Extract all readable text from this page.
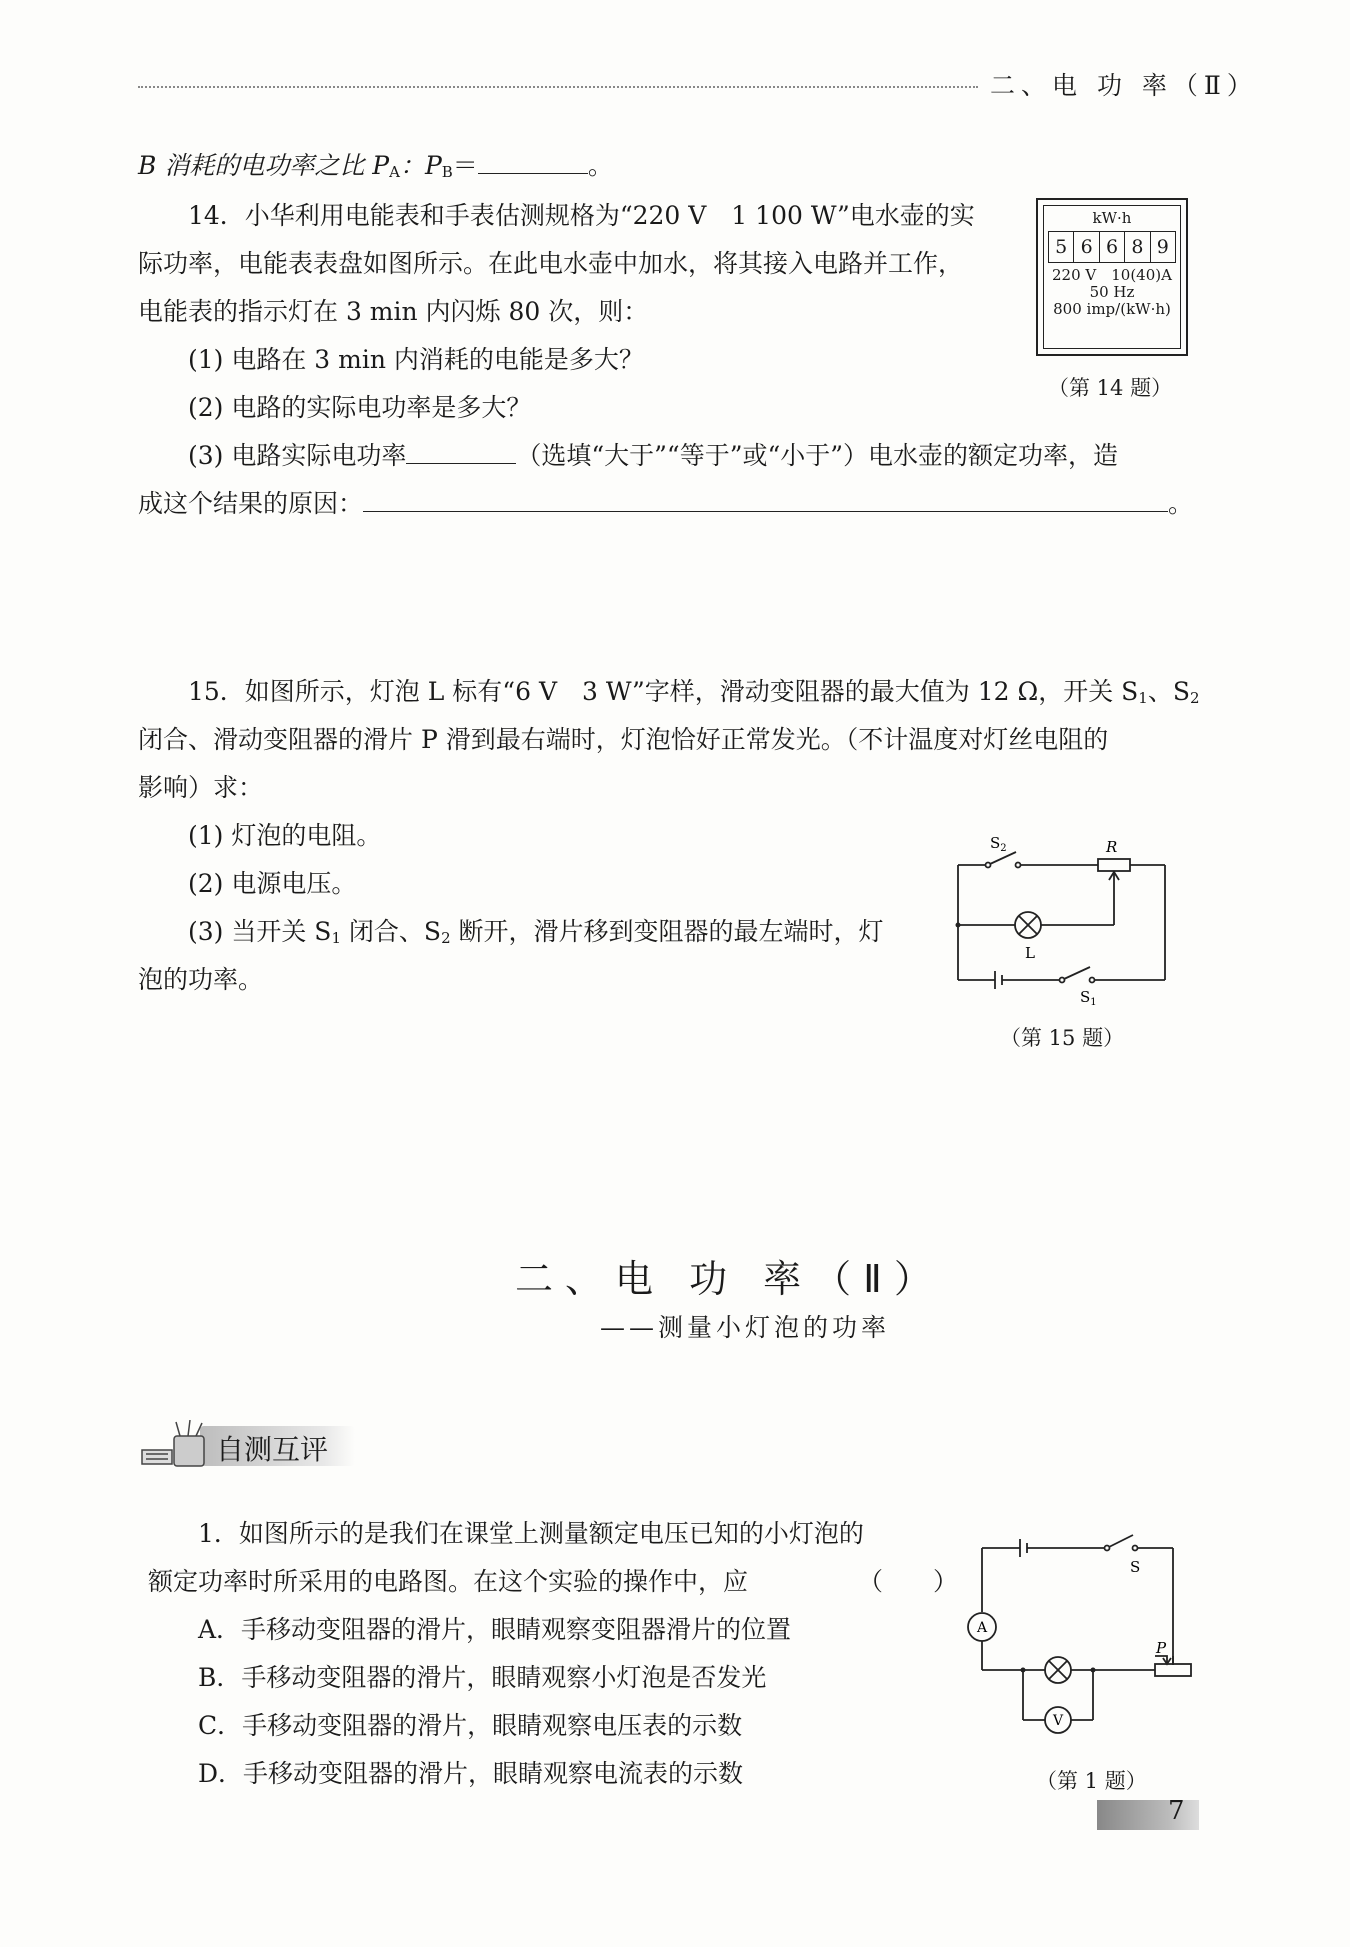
二、电 功 率（Ⅱ）
B 消耗的电功率之比 $P_A$：$P_B=$	。
14．小华利用电能表和手表估测规格为“220 V　1 100 W”电水壶的实
际功率，电能表表盘如图所示。在此电水壶中加水，将其接入电路并工作，
电能表的指示灯在 3 min 内闪烁 80 次，则：
(1) 电路在 3 min 内消耗的电能是多大？
(2) 电路的实际电功率是多大？
(3) 电路实际电功率	（选填“大于”“等于”或“小于”）电水壶的额定功率，造
成这个结果的原因：	。
kW·h
5 6 6 8 9
220 V　10(40)A
50 Hz
800 imp/(kW·h)
（第 14 题）
15．如图所示，灯泡 L 标有“6 V　3 W”字样，滑动变阻器的最大值为 12 Ω，开关 $S_1$、$S_2$
闭合、滑动变阻器的滑片 P 滑到最右端时，灯泡恰好正常发光。（不计温度对灯丝电阻的
影响）求：
(1) 灯泡的电阻。
(2) 电源电压。
(3) 当开关 $S_1$ 闭合、$S_2$ 断开，滑片移到变阻器的最左端时，灯
泡的功率。
$S_2$	R
L
$S_1$
（第 15 题）
二、电 功 率（Ⅱ）
——测量小灯泡的功率
自测互评
1．如图所示的是我们在课堂上测量额定电压已知的小灯泡的
额定功率时所采用的电路图。在这个实验的操作中，应	（　　）
A．手移动变阻器的滑片，眼睛观察变阻器滑片的位置
B．手移动变阻器的滑片，眼睛观察小灯泡是否发光
C．手移动变阻器的滑片，眼睛观察电压表的示数
D．手移动变阻器的滑片，眼睛观察电流表的示数
S
A
P
V
（第 1 题）
7
